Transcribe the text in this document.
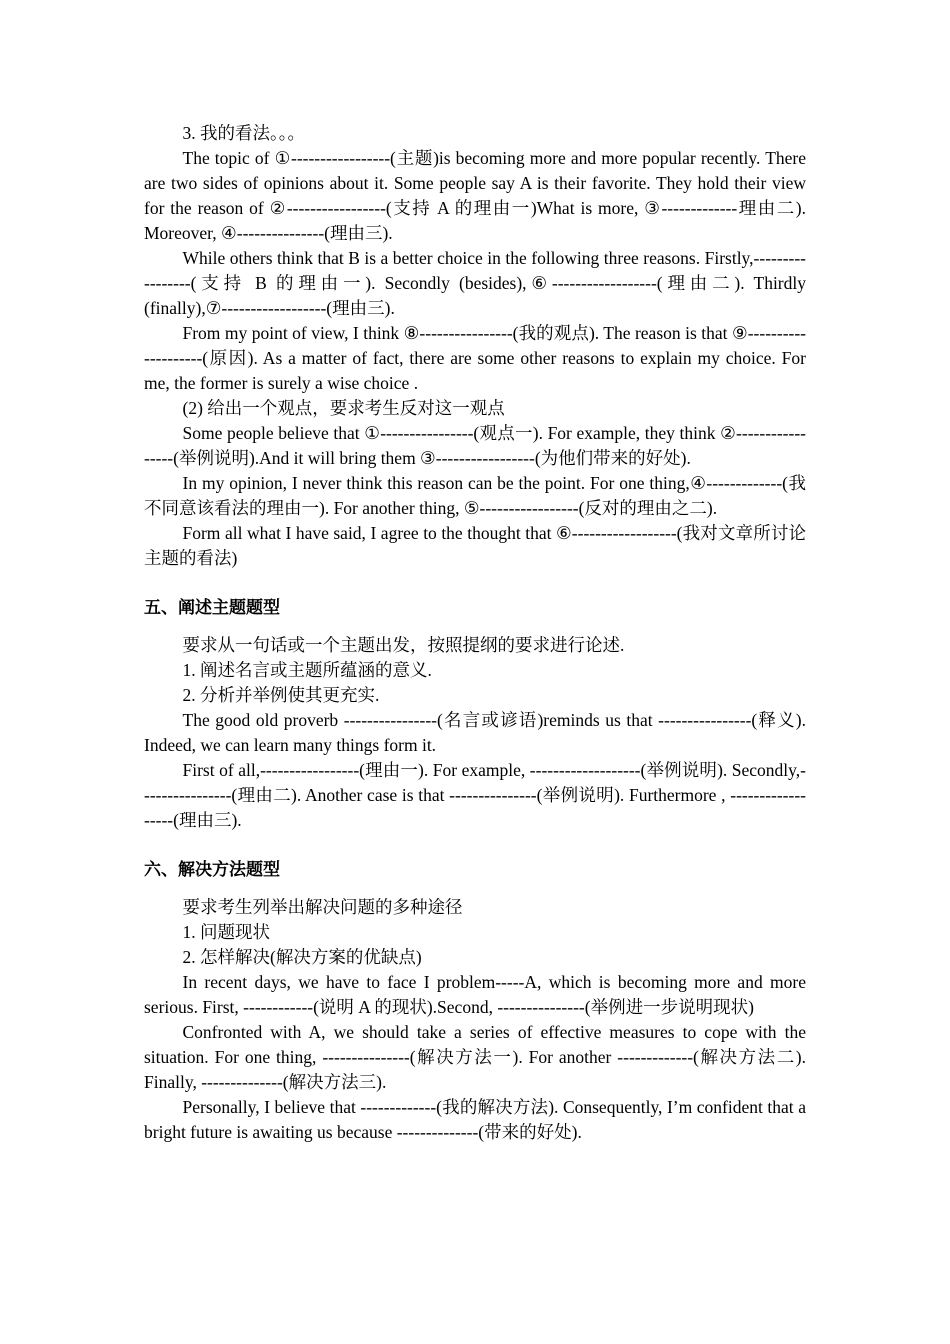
3. 我的看法。。。

The topic of ①-----------------(主题)is becoming more and more popular recently. There are two sides of opinions about it. Some people say A is their favorite. They hold their view for the reason of ②-----------------(支持 A 的理由一)What is more, ③-------------理由二). Moreover, ④---------------(理由三).

While others think that B is a better choice in the following three reasons. Firstly,-----------------(支持 B 的理由一). Secondly (besides),⑥------------------(理由二). Thirdly (finally),⑦------------------(理由三).

From my point of view, I think ⑧----------------(我的观点). The reason is that ⑨--------------------(原因). As a matter of fact, there are some other reasons to explain my choice. For me, the former is surely a wise choice .

(2) 给出一个观点，要求考生反对这一观点

Some people believe that ①----------------(观点一). For example, they think ②-----------------(举例说明).And it will bring them ③-----------------(为他们带来的好处).

In my opinion, I never think this reason can be the point. For one thing,④-------------(我不同意该看法的理由一). For another thing, ⑤-----------------(反对的理由之二).

Form all what I have said, I agree to the thought that ⑥------------------(我对文章所讨论主题的看法)

五、阐述主题题型

要求从一句话或一个主题出发，按照提纲的要求进行论述.

1. 阐述名言或主题所蕴涵的意义.

2. 分析并举例使其更充实.

The good old proverb ----------------(名言或谚语)reminds us that ----------------(释义). Indeed, we can learn many things form it.

First of all,-----------------(理由一). For example, -------------------(举例说明). Secondly,----------------(理由二). Another case is that ---------------(举例说明). Furthermore , ------------------(理由三).

六、解决方法题型

要求考生列举出解决问题的多种途径

1. 问题现状

2. 怎样解决(解决方案的优缺点)

In recent days, we have to face I problem-----A, which is becoming more and more serious. First, ------------(说明 A 的现状).Second, ---------------(举例进一步说明现状)

Confronted with A, we should take a series of effective measures to cope with the situation. For one thing, ---------------(解决方法一). For another -------------(解决方法二). Finally, --------------(解决方法三).

Personally, I believe that -------------(我的解决方法). Consequently, I’m confident that a bright future is awaiting us because --------------(带来的好处).
